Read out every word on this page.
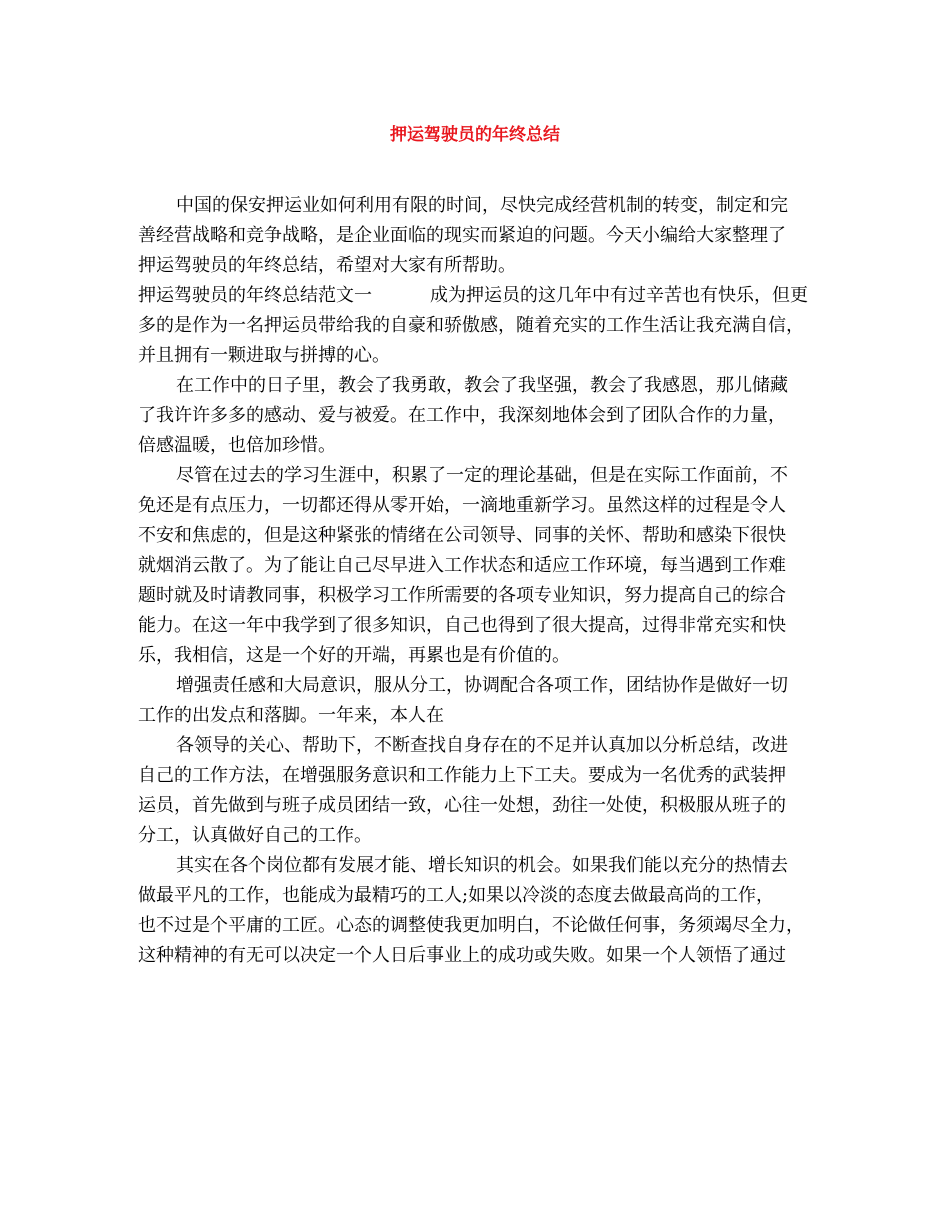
押运驾驶员的年终总结
中国的保安押运业如何利用有限的时间，尽快完成经营机制的转变，制定和完
善经营战略和竞争战略，是企业面临的现实而紧迫的问题。今天小编给大家整理了
押运驾驶员的年终总结，希望对大家有所帮助。
押运驾驶员的年终总结范文一	成为押运员的这几年中有过辛苦也有快乐，但更
多的是作为一名押运员带给我的自豪和骄傲感，随着充实的工作生活让我充满自信，
并且拥有一颗进取与拼搏的心。
在工作中的日子里，教会了我勇敢，教会了我坚强，教会了我感恩，那儿储藏
了我许许多多的感动、爱与被爱。在工作中，我深刻地体会到了团队合作的力量，
倍感温暖，也倍加珍惜。
尽管在过去的学习生涯中，积累了一定的理论基础，但是在实际工作面前，不
免还是有点压力，一切都还得从零开始，一滴地重新学习。虽然这样的过程是令人
不安和焦虑的，但是这种紧张的情绪在公司领导、同事的关怀、帮助和感染下很快
就烟消云散了。为了能让自己尽早进入工作状态和适应工作环境，每当遇到工作难
题时就及时请教同事，积极学习工作所需要的各项专业知识，努力提高自己的综合
能力。在这一年中我学到了很多知识，自己也得到了很大提高，过得非常充实和快
乐，我相信，这是一个好的开端，再累也是有价值的。
增强责任感和大局意识，服从分工，协调配合各项工作，团结协作是做好一切
工作的出发点和落脚。一年来，本人在
各领导的关心、帮助下，不断查找自身存在的不足并认真加以分析总结，改进
自己的工作方法，在增强服务意识和工作能力上下工夫。要成为一名优秀的武装押
运员，首先做到与班子成员团结一致，心往一处想，劲往一处使，积极服从班子的
分工，认真做好自己的工作。
其实在各个岗位都有发展才能、增长知识的机会。如果我们能以充分的热情去
做最平凡的工作，也能成为最精巧的工人;如果以冷淡的态度去做最高尚的工作，
也不过是个平庸的工匠。心态的调整使我更加明白，不论做任何事，务须竭尽全力，
这种精神的有无可以决定一个人日后事业上的成功或失败。如果一个人领悟了通过
